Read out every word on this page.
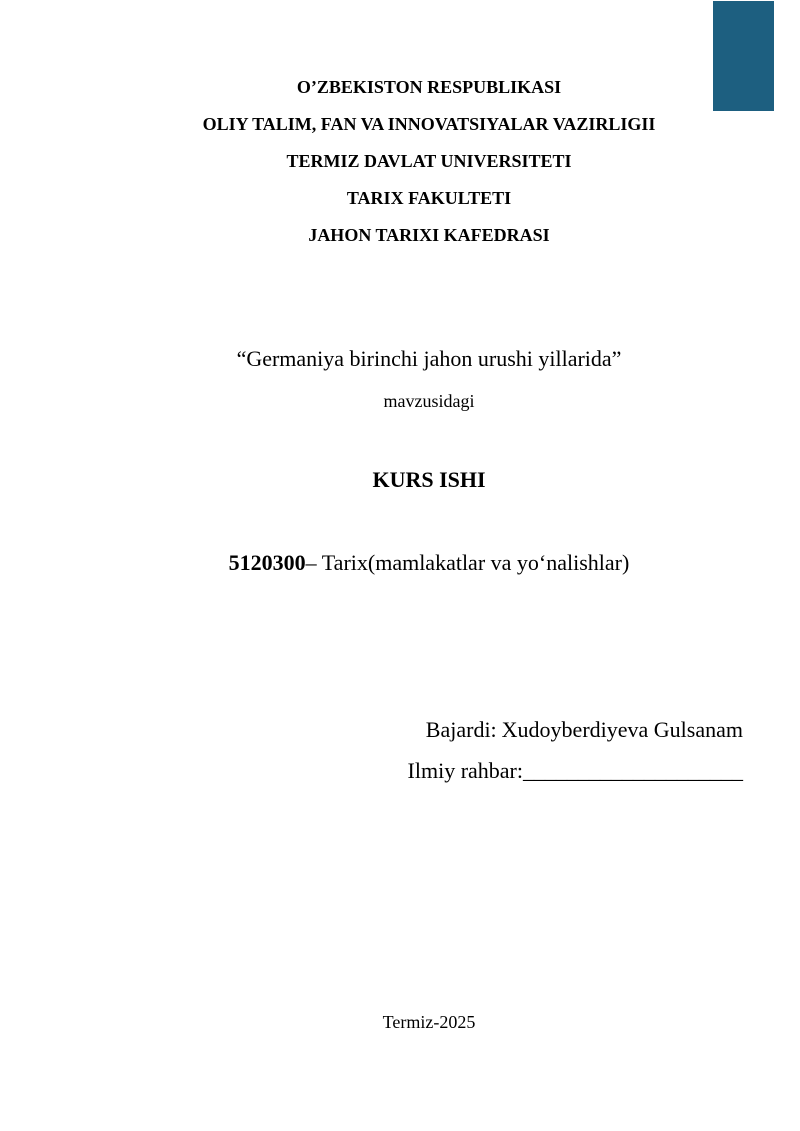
O’ZBEKISTON RESPUBLIKASI
OLIY TALIM, FAN VA INNOVATSIYALAR VAZIRLIGII
TERMIZ DAVLAT UNIVERSITETI
TARIX FAKULTETI
JAHON TARIXI KAFEDRASI
“Germaniya birinchi jahon urushi yillarida”
mavzusidagi
KURS ISHI
5120300– Tarix(mamlakatlar va yo‘nalishlar)
Bajardi: Xudoyberdiyeva Gulsanam
Ilmiy rahbar:____________________
Termiz-2025
